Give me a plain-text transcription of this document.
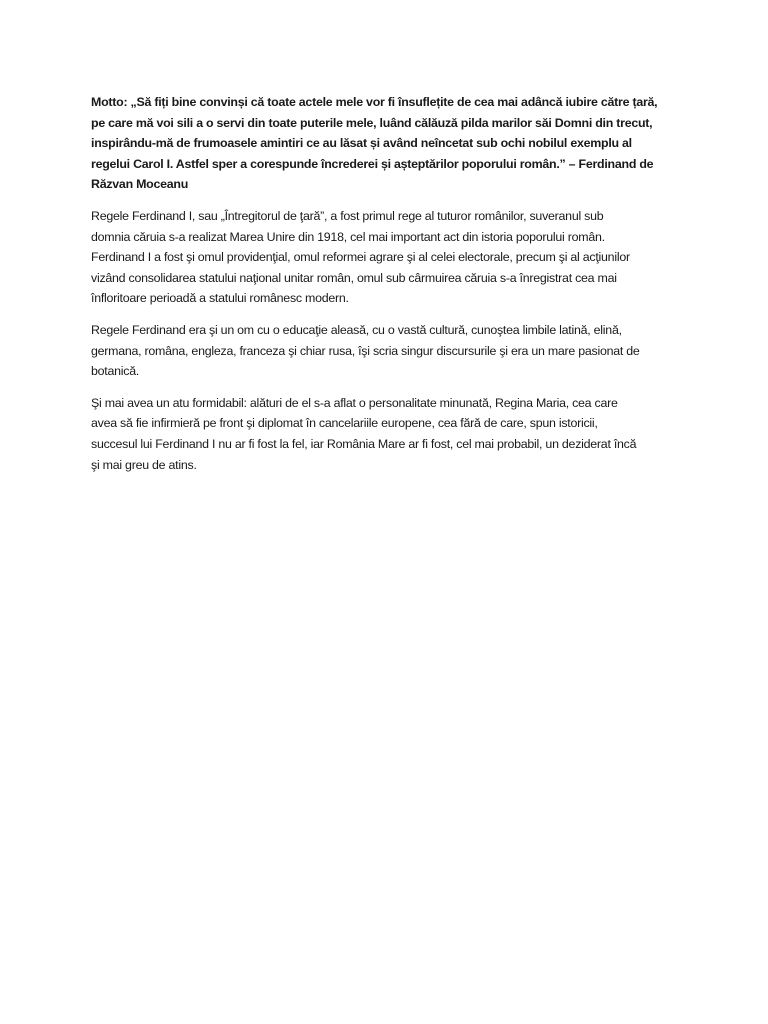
Motto: „Să fiți bine convinși că toate actele mele vor fi însuflețite de cea mai adâncă iubire către țară,
pe care mă voi sili a o servi din toate puterile mele, luând călăuză pilda marilor săi Domni din trecut,
inspirându-mă de frumoasele amintiri ce au lăsat și având neîncetat sub ochi nobilul exemplu al
regelui Carol I. Astfel sper a corespunde încrederei și așteptărilor poporului român.” – Ferdinand de
Răzvan Moceanu
Regele Ferdinand I, sau „Întregitorul de ţară”, a fost primul rege al tuturor românilor, suveranul sub
domnia căruia s-a realizat Marea Unire din 1918, cel mai important act din istoria poporului român.
Ferdinand I a fost şi omul providenţial, omul reformei agrare şi al celei electorale, precum şi al acţiunilor
vizând consolidarea statului naţional unitar român, omul sub cârmuirea căruia s-a înregistrat cea mai
înfloritoare perioadă a statului românesc modern.
Regele Ferdinand era şi un om cu o educaţie aleasă, cu o vastă cultură, cunoştea limbile latină, elină,
germana, româna, engleza, franceza şi chiar rusa, îşi scria singur discursurile şi era un mare pasionat de
botanică.
Şi mai avea un atu formidabil: alături de el s-a aflat o personalitate minunată, Regina Maria, cea care
avea să fie infirmieră pe front şi diplomat în cancelariile europene, cea fără de care, spun istoricii,
succesul lui Ferdinand I nu ar fi fost la fel, iar România Mare ar fi fost, cel mai probabil, un deziderat încă
şi mai greu de atins.
